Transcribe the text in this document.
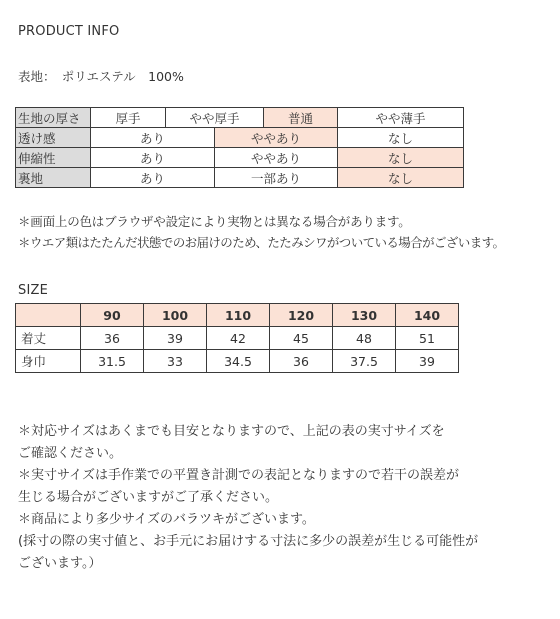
PRODUCT INFO
表地：　ポリエステル　100%
生地の厚さ	厚手	やや厚手		普通	やや薄手	
透け感	あり		ややあり		なし	
伸縮性	あり		ややあり		なし	
裏地	あり		一部あり		なし	
＊画面上の色はブラウザや設定により実物とは異なる場合があります。
＊ウエア類はたたんだ状態でのお届けのため、たたみシワがついている場合がございます。
SIZE
	90	100	110	120	130	140
着丈	36	39	42	45	48	51
身巾	31.5	33	34.5	36	37.5	39
＊対応サイズはあくまでも目安となりますので、上記の表の実寸サイズを
ご確認ください。
＊実寸サイズは手作業での平置き計測での表記となりますので若干の誤差が
生じる場合がございますがご了承ください。
＊商品により多少サイズのバラツキがございます。
(採寸の際の実寸値と、お手元にお届けする寸法に多少の誤差が生じる可能性が
ございます。）
